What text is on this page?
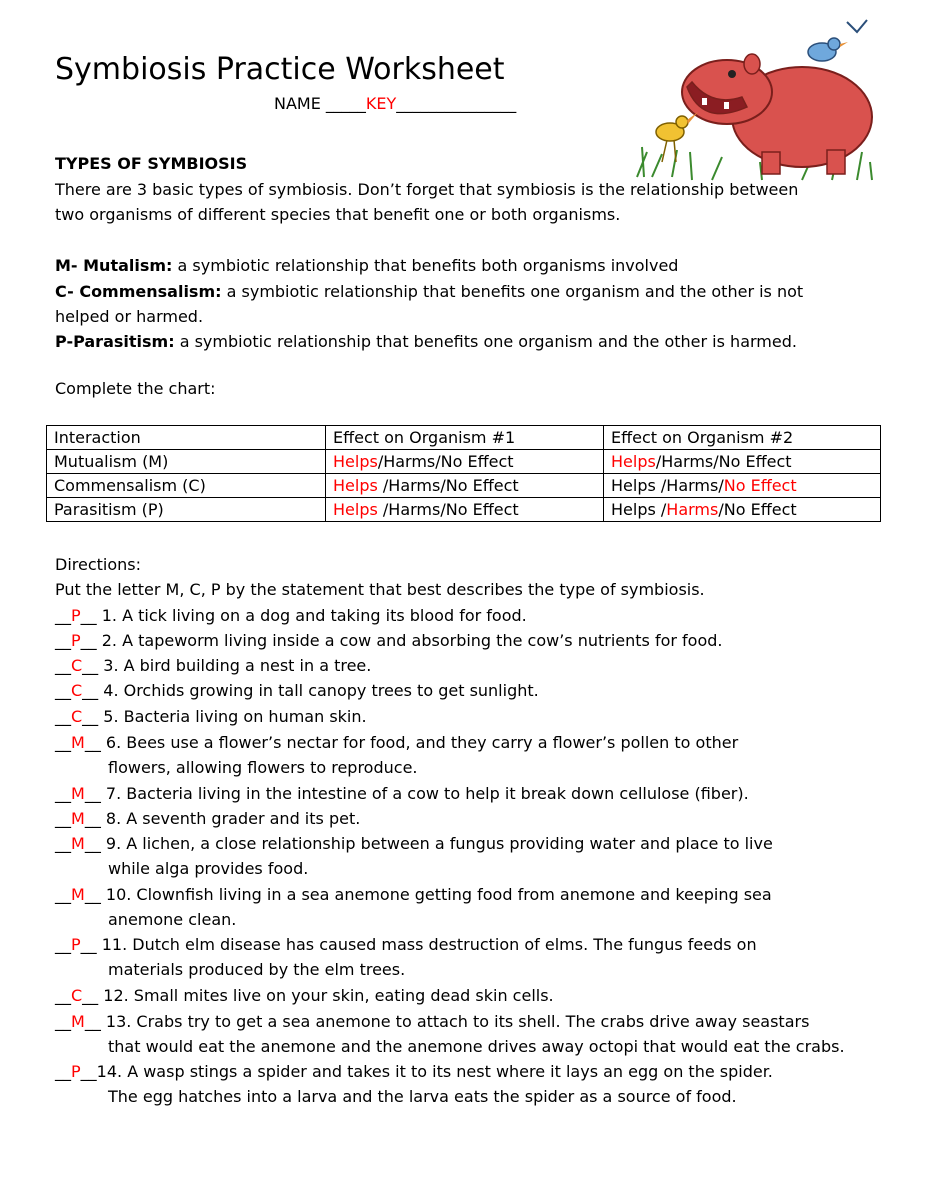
Symbiosis Practice Worksheet
NAME _____KEY_______________
TYPES OF SYMBIOSIS
There are 3 basic types of symbiosis. Don’t forget that symbiosis is the relationship between
two organisms of different species that benefit one or both organisms.
M- Mutalism: a symbiotic relationship that benefits both organisms involved
C- Commensalism: a symbiotic relationship that benefits one organism and the other is not
helped or harmed.
P-Parasitism: a symbiotic relationship that benefits one organism and the other is harmed.
Complete the chart:
Interaction	Effect on Organism #1	Effect on Organism #2
Mutualism (M)	Helps/Harms/No Effect	Helps/Harms/No Effect
Commensalism (C)	Helps /Harms/No Effect	Helps /Harms/No Effect
Parasitism (P)	Helps /Harms/No Effect	Helps /Harms/No Effect
Directions:
Put the letter M, C, P by the statement that best describes the type of symbiosis.
__P__ 1. A tick living on a dog and taking its blood for food.
__P__ 2. A tapeworm living inside a cow and absorbing the cow’s nutrients for food.
__C__ 3. A bird building a nest in a tree.
__C__ 4. Orchids growing in tall canopy trees to get sunlight.
__C__ 5. Bacteria living on human skin.
__M__ 6. Bees use a flower’s nectar for food, and they carry a flower’s pollen to other
flowers, allowing flowers to reproduce.
__M__ 7. Bacteria living in the intestine of a cow to help it break down cellulose (fiber).
__M__ 8. A seventh grader and its pet.
__M__ 9. A lichen, a close relationship between a fungus providing water and place to live
while alga provides food.
__M__ 10. Clownfish living in a sea anemone getting food from anemone and keeping sea
anemone clean.
__P__ 11. Dutch elm disease has caused mass destruction of elms. The fungus feeds on
materials produced by the elm trees.
__C__ 12. Small mites live on your skin, eating dead skin cells.
__M__ 13. Crabs try to get a sea anemone to attach to its shell. The crabs drive away seastars
that would eat the anemone and the anemone drives away octopi that would eat the crabs.
__P__14. A wasp stings a spider and takes it to its nest where it lays an egg on the spider.
The egg hatches into a larva and the larva eats the spider as a source of food.
